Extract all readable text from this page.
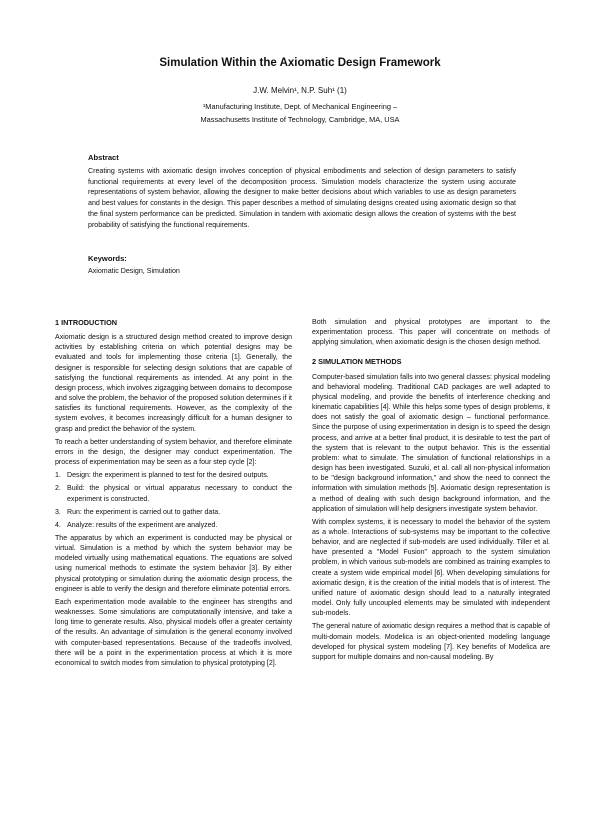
Simulation Within the Axiomatic Design Framework
J.W. Melvin¹, N.P. Suh¹ (1)
¹Manufacturing Institute, Dept. of Mechanical Engineering –
Massachusetts Institute of Technology, Cambridge, MA, USA
Abstract
Creating systems with axiomatic design involves conception of physical embodiments and selection of design parameters to satisfy functional requirements at every level of the decomposition process. Simulation models characterize the system using accurate representations of system behavior, allowing the designer to make better decisions about which variables to use as design parameters and best values for constants in the design. This paper describes a method of simulating designs created using axiomatic design so that the final system performance can be predicted. Simulation in tandem with axiomatic design allows the creation of systems with the best probability of satisfying the functional requirements.
Keywords:
Axiomatic Design, Simulation
1 INTRODUCTION

Axiomatic design is a structured design method created to improve design activities by establishing criteria on which potential designs may be evaluated and tools for implementing those criteria [1]. Generally, the designer is responsible for selecting design solutions that are capable of satisfying the functional requirements as intended. At any point in the design process, which involves zigzagging between domains to decompose and solve the problem, the behavior of the proposed solution determines if it satisfies its functional requirements. However, as the complexity of the system evolves, it becomes increasingly difficult for a human designer to grasp and predict the behavior of the system.

To reach a better understanding of system behavior, and therefore eliminate errors in the design, the designer may conduct experimentation. The process of experimentation may be seen as a four step cycle [2]:

1. Design: the experiment is planned to test for the desired outputs.
2. Build: the physical or virtual apparatus necessary to conduct the experiment is constructed.
3. Run: the experiment is carried out to gather data.
4. Analyze: results of the experiment are analyzed.

The apparatus by which an experiment is conducted may be physical or virtual. Simulation is a method by which the system behavior may be modeled virtually using mathematical equations. The equations are solved using numerical methods to estimate the system behavior [3]. By either physical prototyping or simulation during the axiomatic design process, the engineer is able to verify the design and therefore eliminate potential errors.

Each experimentation mode available to the engineer has strengths and weaknesses. Some simulations are computationally intensive, and take a long time to generate results. Also, physical models offer a greater certainty of the results. An advantage of simulation is the general economy involved with computer-based representations. Because of the tradeoffs involved, there will be a point in the experimentation process at which it is more economical to switch modes from simulation to physical prototyping [2].

Both simulation and physical prototypes are important to the experimentation process. This paper will concentrate on methods of applying simulation, when axiomatic design is the chosen design method.

2 SIMULATION METHODS

Computer-based simulation falls into two general classes: physical modeling and behavioral modeling. Traditional CAD packages are well adapted to physical modeling, and provide the benefits of interference checking and kinematic capabilities [4]. While this helps some types of design problems, it does not satisfy the goal of axiomatic design – functional performance. Since the purpose of using experimentation in design is to speed the design process, and arrive at a better final product, it is desirable to test the part of the system that is relevant to the output behavior. This is the essential problem: what to simulate. The simulation of functional relationships in a design has been investigated. Suzuki, et al. call all non-physical information to be "design background information," and show the need to connect the information with simulation methods [5]. Axiomatic design representation is a method of dealing with such design background information, and the application of simulation will help designers investigate system behavior.

With complex systems, it is necessary to model the behavior of the system as a whole. Interactions of sub-systems may be important to the collective behavior, and are neglected if sub-models are used individually. Tiller et al. have presented a "Model Fusion" approach to the system simulation problem, in which various sub-models are combined as training examples to create a system wide empirical model [6]. When developing simulations for axiomatic design, it is the creation of the initial models that is of interest. The unified nature of axiomatic design should lead to a naturally integrated model. Only fully uncoupled elements may be simulated with independent sub-models.

The general nature of axiomatic design requires a method that is capable of multi-domain models. Modelica is an object-oriented modeling language developed for physical system modeling [7]. Key benefits of Modelica are support for multiple domains and non-causal modeling. By
